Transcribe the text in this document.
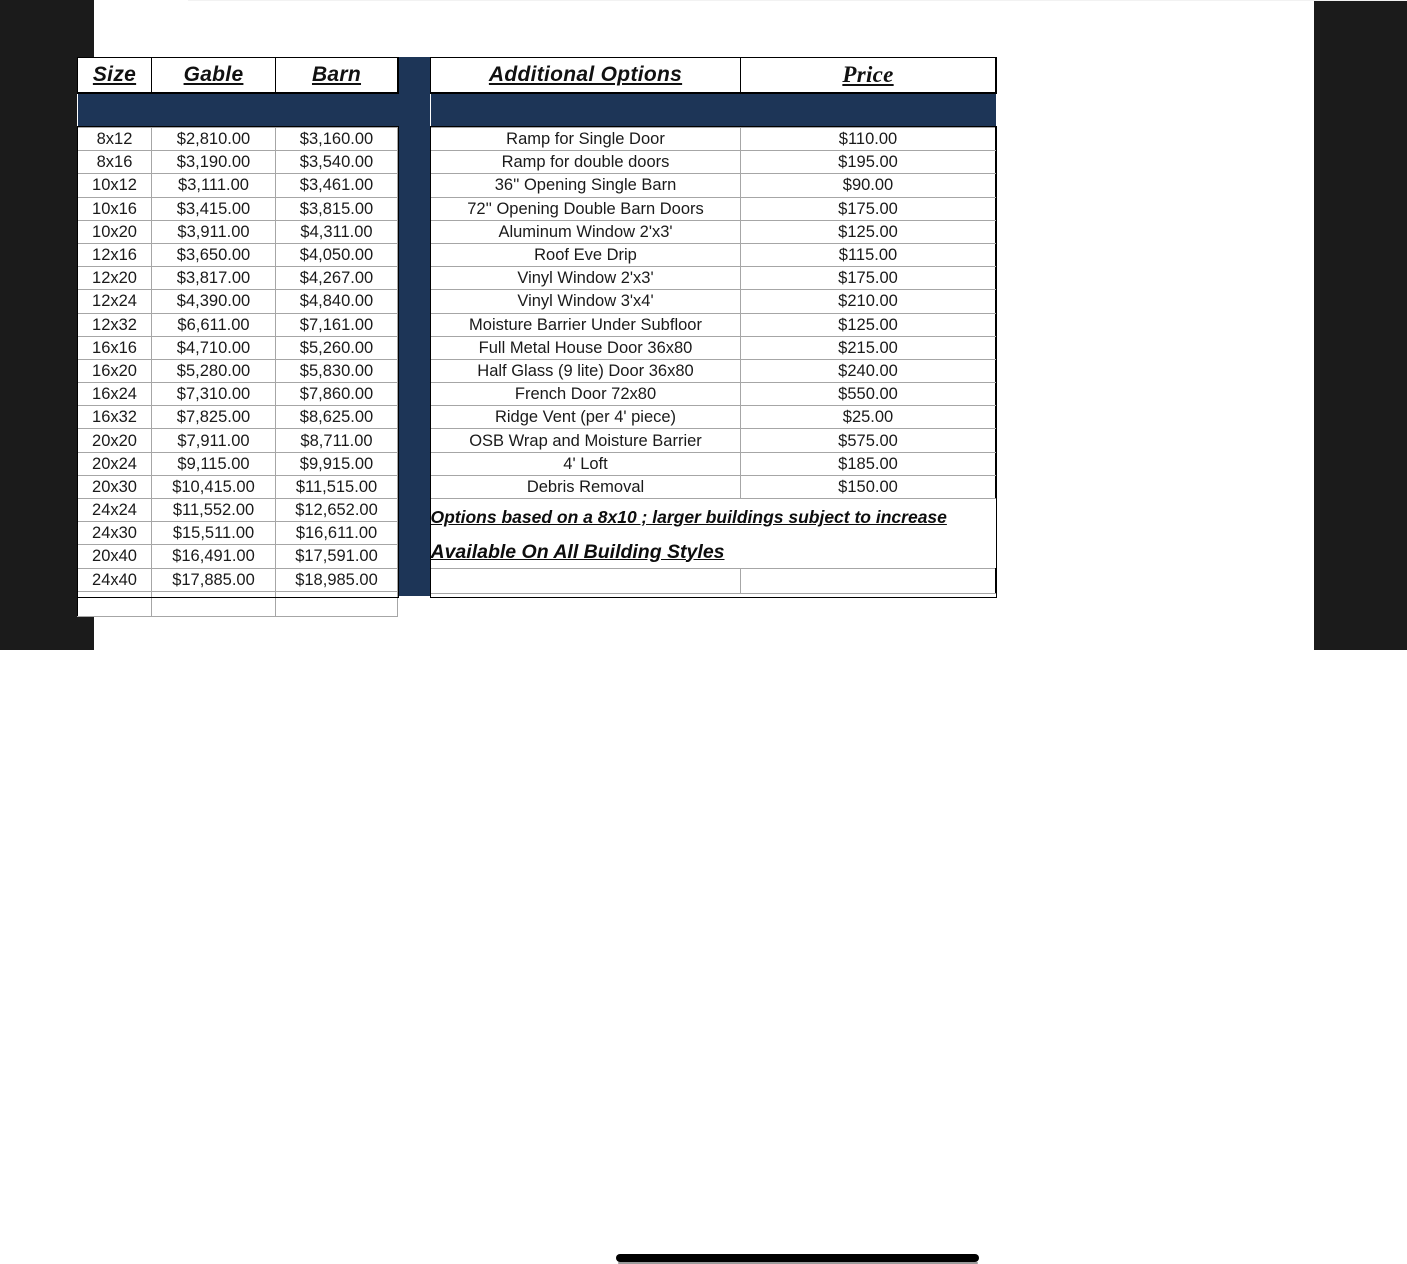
Size	Gable	Barn

8x12	$2,810.00	$3,160.00
8x16	$3,190.00	$3,540.00
10x12	$3,111.00	$3,461.00
10x16	$3,415.00	$3,815.00
10x20	$3,911.00	$4,311.00
12x16	$3,650.00	$4,050.00
12x20	$3,817.00	$4,267.00
12x24	$4,390.00	$4,840.00
12x32	$6,611.00	$7,161.00
16x16	$4,710.00	$5,260.00
16x20	$5,280.00	$5,830.00
16x24	$7,310.00	$7,860.00
16x32	$7,825.00	$8,625.00
20x20	$7,911.00	$8,711.00
20x24	$9,115.00	$9,915.00
20x30	$10,415.00	$11,515.00
24x24	$11,552.00	$12,652.00
24x30	$15,511.00	$16,611.00
20x40	$16,491.00	$17,591.00
24x40	$17,885.00	$18,985.00

Additional Options	Price

Ramp for Single Door	$110.00
Ramp for double doors	$195.00
36'' Opening Single Barn	$90.00
72'' Opening Double Barn Doors	$175.00
Aluminum Window 2'x3'	$125.00
Roof Eve Drip	$115.00
Vinyl Window 2'x3'	$175.00
Vinyl Window 3'x4'	$210.00
Moisture Barrier Under Subfloor	$125.00
Full Metal House Door 36x80	$215.00
Half Glass (9 lite) Door 36x80	$240.00
French Door 72x80	$550.00
Ridge Vent (per 4' piece)	$25.00
OSB Wrap and Moisture Barrier	$575.00
4' Loft	$185.00
Debris Removal	$150.00
Options based on a 8x10 ; larger buildings subject to increase	
Available On All Building Styles	
